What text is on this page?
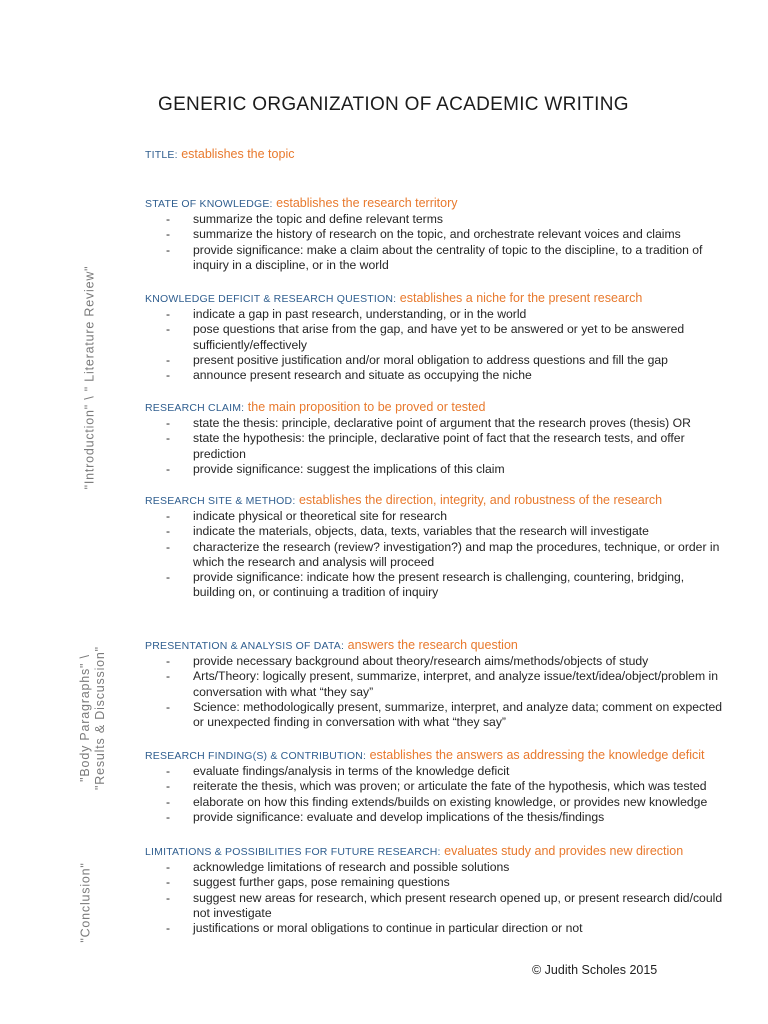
GENERIC ORGANIZATION OF ACADEMIC WRITING
"Introduction" \ " Literature Review"
"Body Paragraphs" \ "Results & Discussion"
"Conclusion"
TITLE: establishes the topic
STATE OF KNOWLEDGE: establishes the research territory
- summarize the topic and define relevant terms
- summarize the history of research on the topic, and orchestrate relevant voices and claims
- provide significance: make a claim about the centrality of topic to the discipline, to a tradition of inquiry in a discipline, or in the world
KNOWLEDGE DEFICIT & RESEARCH QUESTION: establishes a niche for the present research
- indicate a gap in past research, understanding, or in the world
- pose questions that arise from the gap, and have yet to be answered or yet to be answered sufficiently/effectively
- present positive justification and/or moral obligation to address questions and fill the gap
- announce present research and situate as occupying the niche
RESEARCH CLAIM: the main proposition to be proved or tested
- state the thesis: principle, declarative point of argument that the research proves (thesis) OR
- state the hypothesis: the principle, declarative point of fact that the research tests, and offer prediction
- provide significance: suggest the implications of this claim
RESEARCH SITE & METHOD: establishes the direction, integrity, and robustness of the research
- indicate physical or theoretical site for research
- indicate the materials, objects, data, texts, variables that the research will investigate
- characterize the research (review? investigation?) and map the procedures, technique, or order in which the research and analysis will proceed
- provide significance: indicate how the present research is challenging, countering, bridging, building on, or continuing a tradition of inquiry
PRESENTATION & ANALYSIS OF DATA: answers the research question
- provide necessary background about theory/research aims/methods/objects of study
- Arts/Theory: logically present, summarize, interpret, and analyze issue/text/idea/object/problem in conversation with what “they say”
- Science: methodologically present, summarize, interpret, and analyze data; comment on expected or unexpected finding in conversation with what “they say”
RESEARCH FINDING(S) & CONTRIBUTION: establishes the answers as addressing the knowledge deficit
- evaluate findings/analysis in terms of the knowledge deficit
- reiterate the thesis, which was proven; or articulate the fate of the hypothesis, which was tested
- elaborate on how this finding extends/builds on existing knowledge, or provides new knowledge
- provide significance: evaluate and develop implications of the thesis/findings
LIMITATIONS & POSSIBILITIES FOR FUTURE RESEARCH: evaluates study and provides new direction
- acknowledge limitations of research and possible solutions
- suggest further gaps, pose remaining questions
- suggest new areas for research, which present research opened up, or present research did/could not investigate
- justifications or moral obligations to continue in particular direction or not
© Judith Scholes 2015
